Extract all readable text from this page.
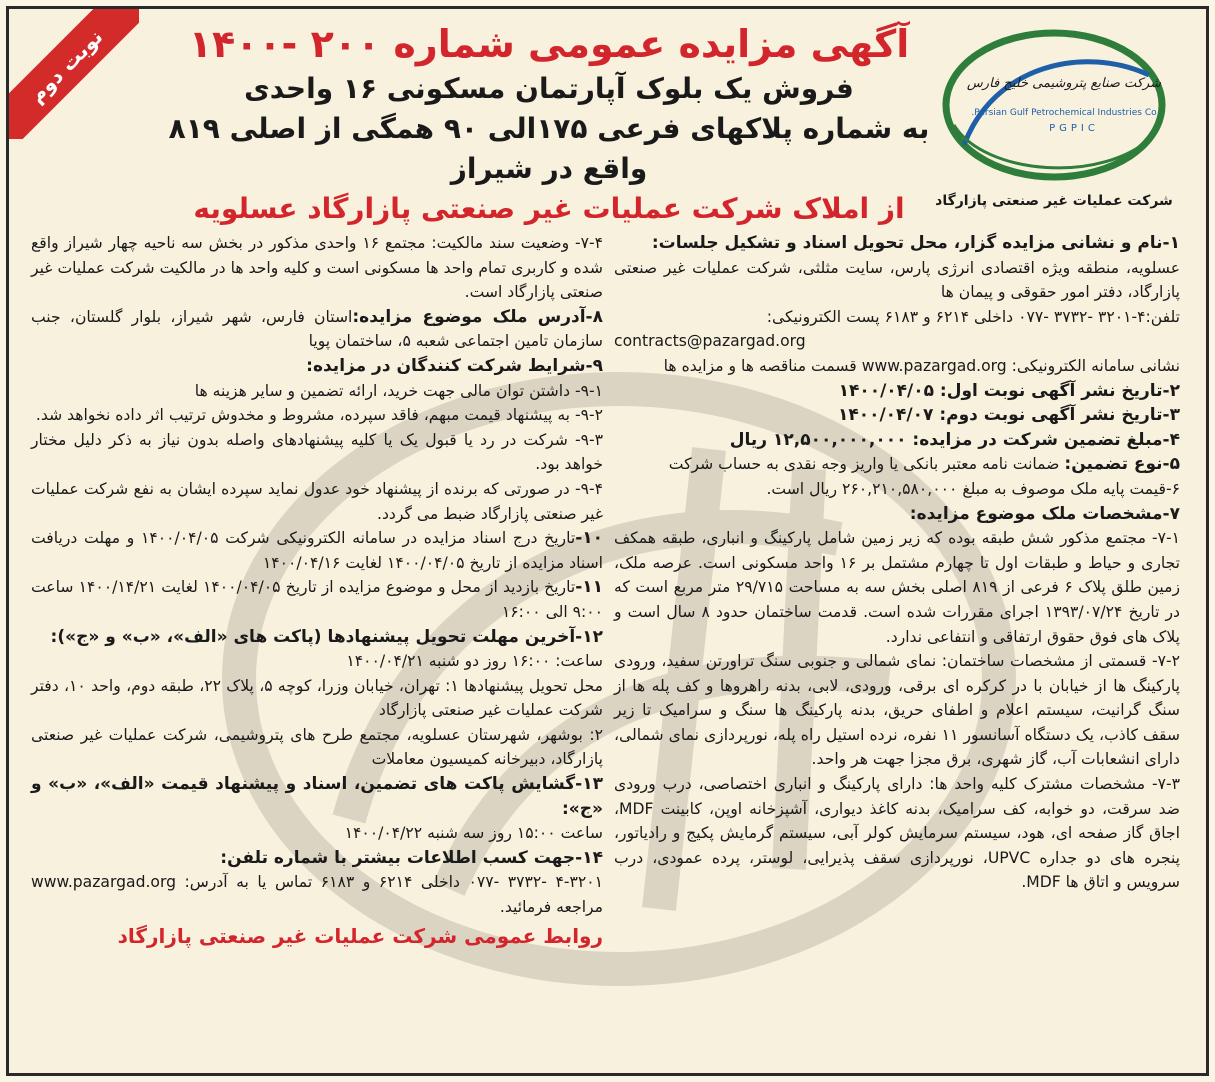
نوبت دوم	آگهی مزایده عمومی شماره ۲۰۰ -۱۴۰۰
فروش یک بلوک آپارتمان مسکونی ۱۶ واحدی
به شماره پلاکهای فرعی ۱۷۵الی ۹۰ همگی از اصلی ۸۱۹ واقع در شیراز
از املاک شرکت عملیات غیر صنعتی پازارگاد عسلویه
شرکت صنایع پتروشیمی خلیج فارس
Persian Gulf Petrochemical Industries Co.
PGPIC
شرکت عملیات غیر صنعتی پازارگاد
۱-نام و نشانی مزایده گزار، محل تحویل اسناد و تشکیل جلسات:
عسلویه، منطقه ویژه اقتصادی انرژی پارس، سایت مثلثی، شرکت عملیات غیر صنعتی پازارگاد، دفتر امور حقوقی و پیمان ها
تلفن:۴-۳۲۰۱ -۳۷۳۲ -۰۷۷ داخلی ۶۲۱۴ و ۶۱۸۳ پست الکترونیکی:
contracts@pazargad.org
نشانی سامانه الکترونیکی: www.pazargad.org قسمت مناقصه ها و مزایده ها
۲-تاریخ نشر آگهی نوبت اول: ۱۴۰۰/۰۴/۰۵
۳-تاریخ نشر آگهی نوبت دوم: ۱۴۰۰/۰۴/۰۷
۴-مبلغ تضمین شرکت در مزایده: ۱۲,۵۰۰,۰۰۰,۰۰۰ ریال
۵-نوع تضمین: ضمانت نامه معتبر بانکی یا واریز وجه نقدی به حساب شرکت
۶-قیمت پایه ملک موصوف به مبلغ ۲۶۰,۲۱۰,۵۸۰,۰۰۰ ریال است.
۷-مشخصات ملک موضوع مزایده:
۷-۱- مجتمع مذکور شش طبقه بوده که زیر زمین شامل پارکینگ و انباری، طبقه همکف تجاری و حیاط و طبقات اول تا چهارم مشتمل بر ۱۶ واحد مسکونی است. عرصه ملک، زمین طلق پلاک ۶ فرعی از ۸۱۹ اصلی بخش سه به مساحت ۲۹/۷۱۵ متر مربع است که در تاریخ ۱۳۹۳/۰۷/۲۴ اجرای مقررات شده است. قدمت ساختمان حدود ۸ سال است و پلاک های فوق حقوق ارتفاقی و انتفاعی ندارد.
۷-۲- قسمتی از مشخصات ساختمان: نمای شمالی و جنوبی سنگ تراورتن سفید، ورودی پارکینگ ها از خیابان با در کرکره ای برقی، ورودی، لابی، بدنه راهروها و کف پله ها از سنگ گرانیت، سیستم اعلام و اطفای حریق، بدنه پارکینگ ها سنگ و سرامیک تا زیر سقف کاذب، یک دستگاه آسانسور ۱۱ نفره، نرده استیل راه پله، نورپردازی نمای شمالی، دارای انشعابات آب، گاز شهری، برق مجزا جهت هر واحد.
۷-۳- مشخصات مشترک کلیه واحد ها: دارای پارکینگ و انباری اختصاصی، درب ورودی ضد سرقت، دو خوابه، کف سرامیک، بدنه کاغذ دیواری، آشپزخانه اوپن، کابینت MDF، اجاق گاز صفحه ای، هود، سیستم سرمایش کولر آبی، سیستم گرمایش پکیج و رادیاتور، پنجره های دو جداره UPVC، نورپردازی سقف پذیرایی، لوستر، پرده عمودی، درب سرویس و اتاق ها MDF.
۷-۴- وضعیت سند مالکیت: مجتمع ۱۶ واحدی مذکور در بخش سه ناحیه چهار شیراز واقع شده و کاربری تمام واحد ها مسکونی است و کلیه واحد ها در مالکیت شرکت عملیات غیر صنعتی پازارگاد است.
۸-آدرس ملک موضوع مزایده:استان فارس، شهر شیراز، بلوار گلستان، جنب سازمان تامین اجتماعی شعبه ۵، ساختمان پویا
۹-شرایط شرکت کنندگان در مزایده:
۹-۱- داشتن توان مالی جهت خرید، ارائه تضمین و سایر هزینه ها
۹-۲- به پیشنهاد قیمت مبهم، فاقد سپرده، مشروط و مخدوش ترتیب اثر داده نخواهد شد.
۹-۳- شرکت در رد یا قبول یک یا کلیه پیشنهادهای واصله بدون نیاز به ذکر دلیل مختار خواهد بود.
۹-۴- در صورتی که برنده از پیشنهاد خود عدول نماید سپرده ایشان به نفع شرکت عملیات غیر صنعتی پازارگاد ضبط می گردد.
۱۰-تاریخ درج اسناد مزایده در سامانه الکترونیکی شرکت ۱۴۰۰/۰۴/۰۵ و مهلت دریافت اسناد مزایده از تاریخ ۱۴۰۰/۰۴/۰۵ لغایت ۱۴۰۰/۰۴/۱۶
۱۱-تاریخ بازدید از محل و موضوع مزایده از تاریخ ۱۴۰۰/۰۴/۰۵ لغایت ۱۴۰۰/۱۴/۲۱ ساعت ۹:۰۰ الی ۱۶:۰۰
۱۲-آخرین مهلت تحویل پیشنهادها (پاکت های «الف»، «ب» و «ج»):
ساعت: ۱۶:۰۰ روز دو شنبه ۱۴۰۰/۰۴/۲۱
محل تحویل پیشنهادها ۱: تهران، خیابان وزرا، کوچه ۵، پلاک ۲۲، طبقه دوم، واحد ۱۰، دفتر شرکت عملیات غیر صنعتی پازارگاد
۲: بوشهر، شهرستان عسلویه، مجتمع طرح های پتروشیمی، شرکت عملیات غیر صنعتی پازارگاد، دبیرخانه کمیسیون معاملات
۱۳-گشایش پاکت های تضمین، اسناد و پیشنهاد قیمت «الف»، «ب» و «ج»:
ساعت ۱۵:۰۰ روز سه شنبه ۱۴۰۰/۰۴/۲۲
۱۴-جهت کسب اطلاعات بیشتر با شماره تلفن:
۴-۳۲۰۱ -۳۷۳۲ -۰۷۷ داخلی ۶۲۱۴ و ۶۱۸۳ تماس یا به آدرس: www.pazargad.org مراجعه فرمائید.
روابط عمومی شرکت عملیات غیر صنعتی پازارگاد
